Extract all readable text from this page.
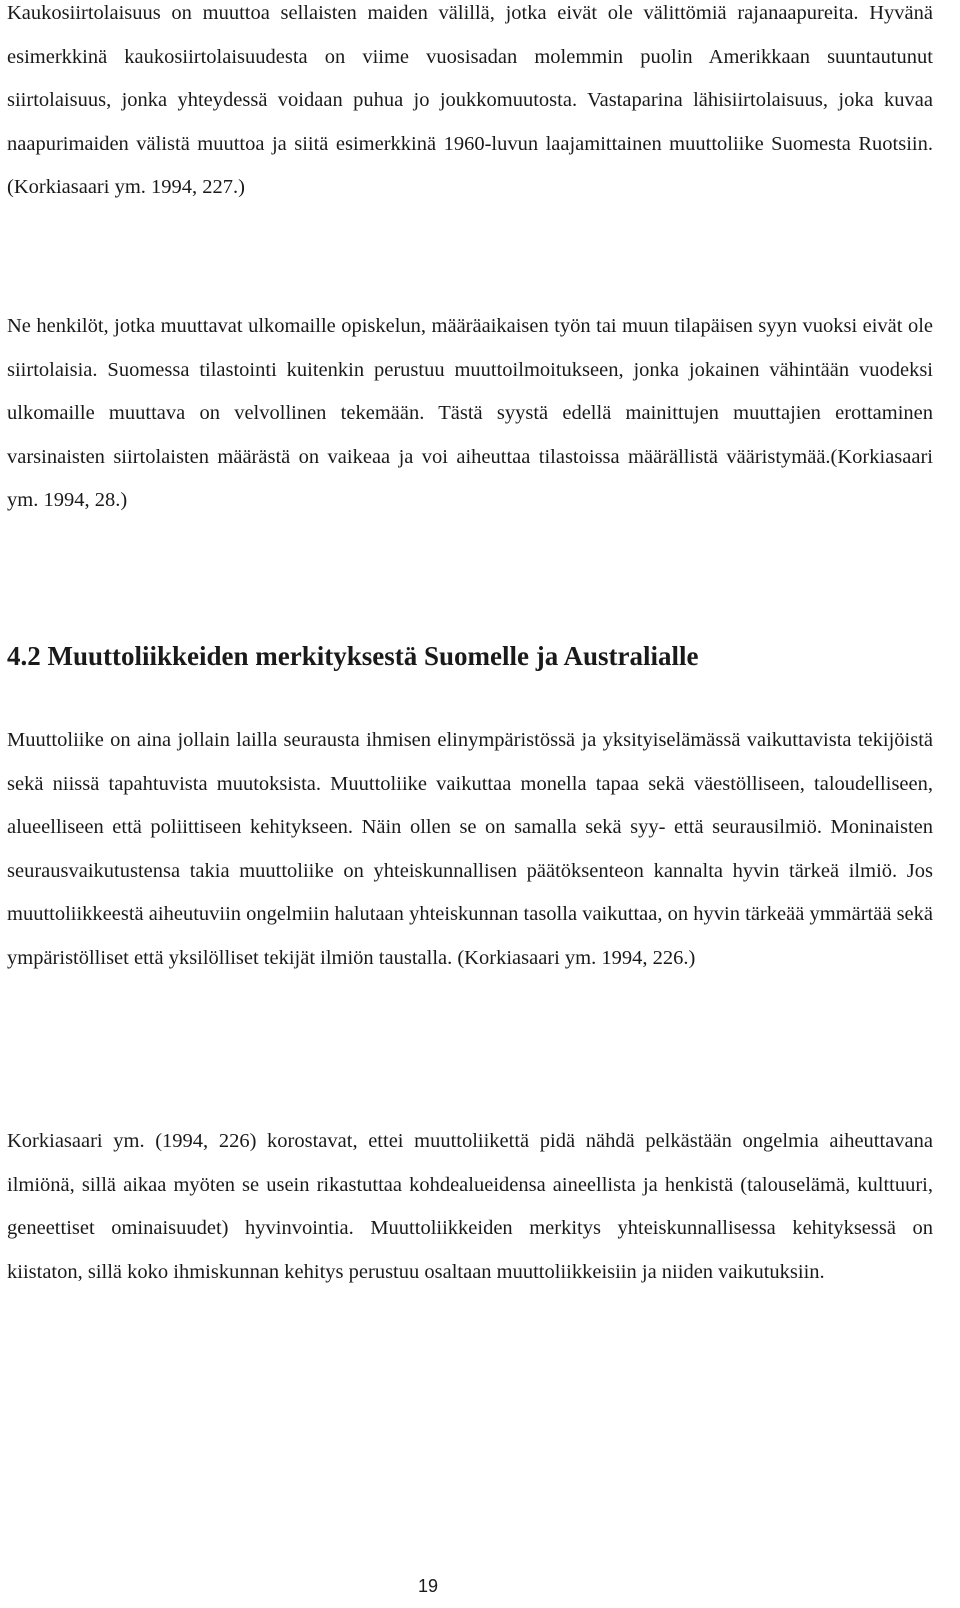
Kaukosiirtolaisuus on muuttoa sellaisten maiden välillä, jotka eivät ole välittömiä rajanaapureita. Hyvänä esimerkkinä kaukosiirtolaisuudesta on viime vuosisadan molemmin puolin Amerikkaan suuntautunut siirtolaisuus, jonka yhteydessä voidaan puhua jo joukkomuutosta. Vastaparina lähisiirtolaisuus, joka kuvaa naapurimaiden välistä muuttoa ja siitä esimerkkinä 1960-luvun laajamittainen muuttoliike Suomesta Ruotsiin.(Korkiasaari ym. 1994, 227.)

Ne henkilöt, jotka muuttavat ulkomaille opiskelun, määräaikaisen työn tai muun tilapäisen syyn vuoksi eivät ole siirtolaisia. Suomessa tilastointi kuitenkin perustuu muuttoilmoitukseen, jonka jokainen vähintään vuodeksi ulkomaille muuttava on velvollinen tekemään. Tästä syystä edellä mainittujen muuttajien erottaminen varsinaisten siirtolaisten määrästä on vaikeaa ja voi aiheuttaa tilastoissa määrällistä vääristymää.(Korkiasaari ym. 1994, 28.)

4.2 Muuttoliikkeiden merkityksestä Suomelle ja Australialle

Muuttoliike on aina jollain lailla seurausta ihmisen elinympäristössä ja yksityiselämässä vaikuttavista tekijöistä sekä niissä tapahtuvista muutoksista. Muuttoliike vaikuttaa monella tapaa sekä väestölliseen, taloudelliseen, alueelliseen että poliittiseen kehitykseen. Näin ollen se on samalla sekä syy- että seurausilmiö. Moninaisten seurausvaikutustensa takia muuttoliike on yhteiskunnallisen päätöksenteon kannalta hyvin tärkeä ilmiö. Jos muuttoliikkeestä aiheutuviin ongelmiin halutaan yhteiskunnan tasolla vaikuttaa, on hyvin tärkeää ymmärtää sekä ympäristölliset että yksilölliset tekijät ilmiön taustalla. (Korkiasaari ym. 1994, 226.)

Korkiasaari ym. (1994, 226) korostavat, ettei muuttoliikettä pidä nähdä pelkästään ongelmia aiheuttavana ilmiönä, sillä aikaa myöten se usein rikastuttaa kohdealueidensa aineellista ja henkistä (talouselämä, kulttuuri, geneettiset ominaisuudet) hyvinvointia. Muuttoliikkeiden merkitys yhteiskunnallisessa kehityksessä on kiistaton, sillä koko ihmiskunnan kehitys perustuu osaltaan muuttoliikkeisiin ja niiden vaikutuksiin.

19
